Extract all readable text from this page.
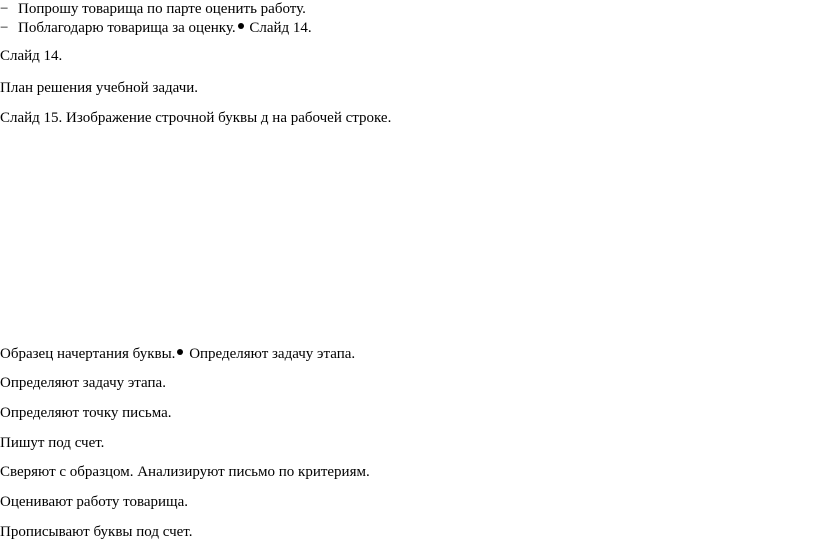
− Попрошу товарища по парте оценить работу.
− Поблагодарю товарища за оценку. Слайд 14.
Слайд 14.
План решения учебной задачи.
Слайд 15. Изображение строчной буквы д на рабочей строке.
Образец начертания буквы. Определяют задачу этапа.
Определяют задачу этапа.
Определяют точку письма.
Пишут под счет.
Сверяют с образцом. Анализируют письмо по критериям.
Оценивают работу товарища.
Прописывают буквы под счет.
